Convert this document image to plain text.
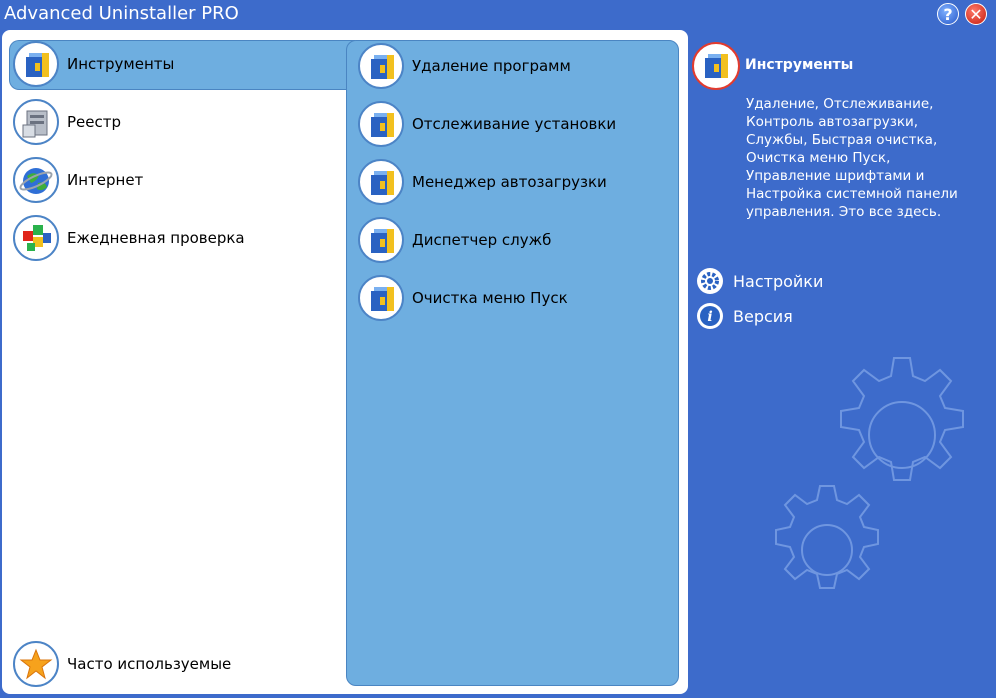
Advanced Uninstaller PRO	?	✕
Инструменты
Реестр
Интернет
Ежедневная проверка
Часто используемые
Удаление программ
Отслеживание установки
Менеджер автозагрузки
Диспетчер служб
Очистка меню Пуск
Инструменты
Удаление, Отслеживание, Контроль автозагрузки, Службы, Быстрая очистка, Очистка меню Пуск, Управление шрифтами и Настройка системной панели управления. Это все здесь.
Настройки
i Версия
